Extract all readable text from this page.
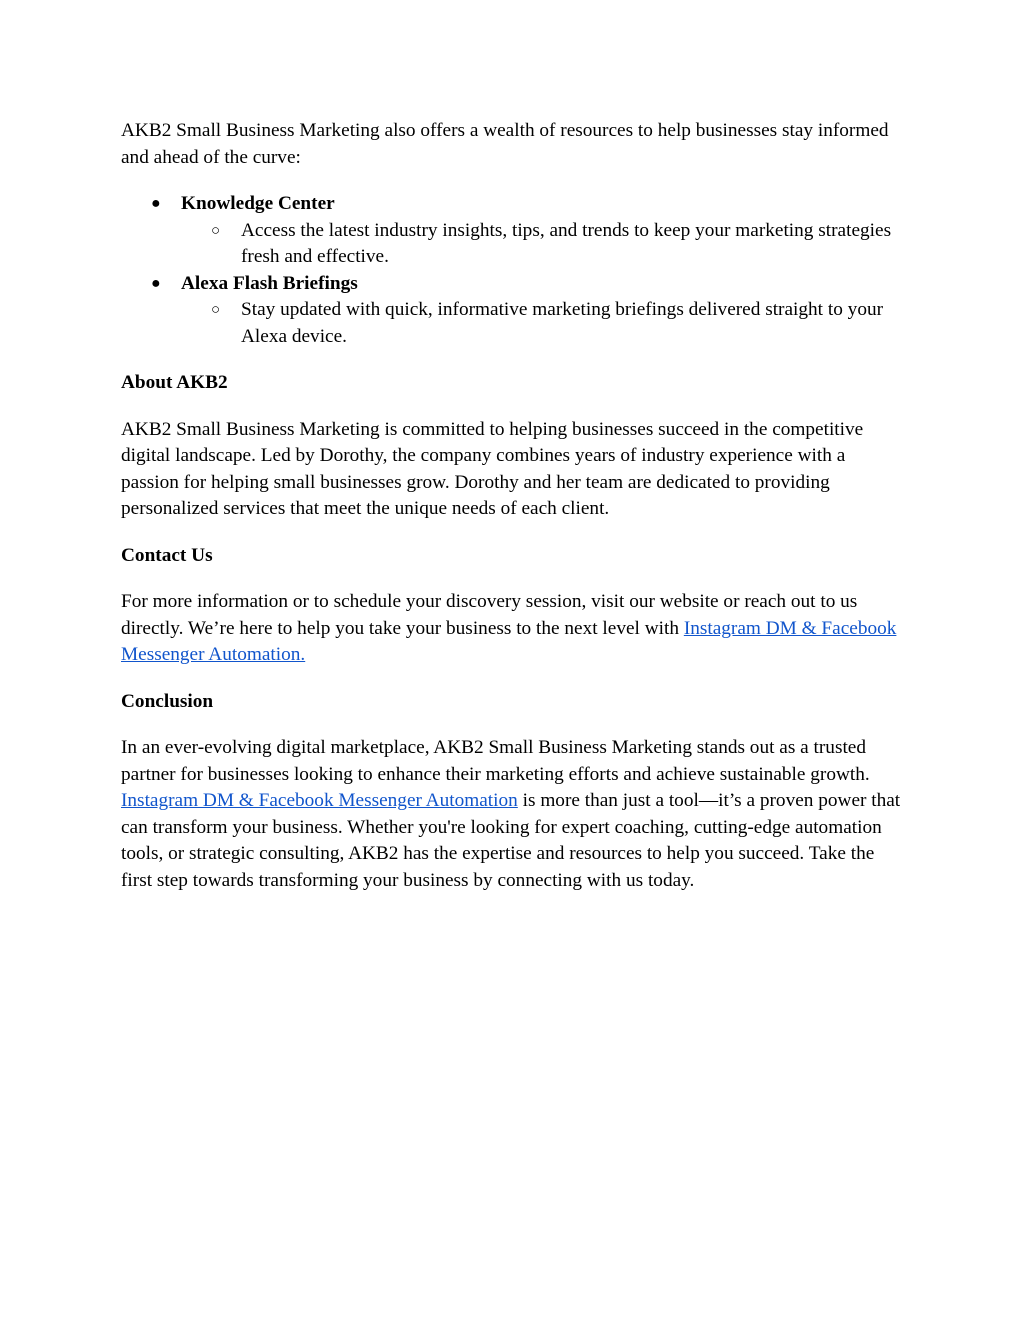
AKB2 Small Business Marketing also offers a wealth of resources to help businesses stay informed and ahead of the curve:

● Knowledge Center
○ Access the latest industry insights, tips, and trends to keep your marketing strategies fresh and effective.
● Alexa Flash Briefings
○ Stay updated with quick, informative marketing briefings delivered straight to your Alexa device.

About AKB2

AKB2 Small Business Marketing is committed to helping businesses succeed in the competitive digital landscape. Led by Dorothy, the company combines years of industry experience with a passion for helping small businesses grow. Dorothy and her team are dedicated to providing personalized services that meet the unique needs of each client.

Contact Us

For more information or to schedule your discovery session, visit our website or reach out to us directly. We’re here to help you take your business to the next level with Instagram DM & Facebook Messenger Automation.

Conclusion

In an ever-evolving digital marketplace, AKB2 Small Business Marketing stands out as a trusted partner for businesses looking to enhance their marketing efforts and achieve sustainable growth. Instagram DM & Facebook Messenger Automation is more than just a tool—it’s a proven power that can transform your business. Whether you're looking for expert coaching, cutting-edge automation tools, or strategic consulting, AKB2 has the expertise and resources to help you succeed. Take the first step towards transforming your business by connecting with us today.
